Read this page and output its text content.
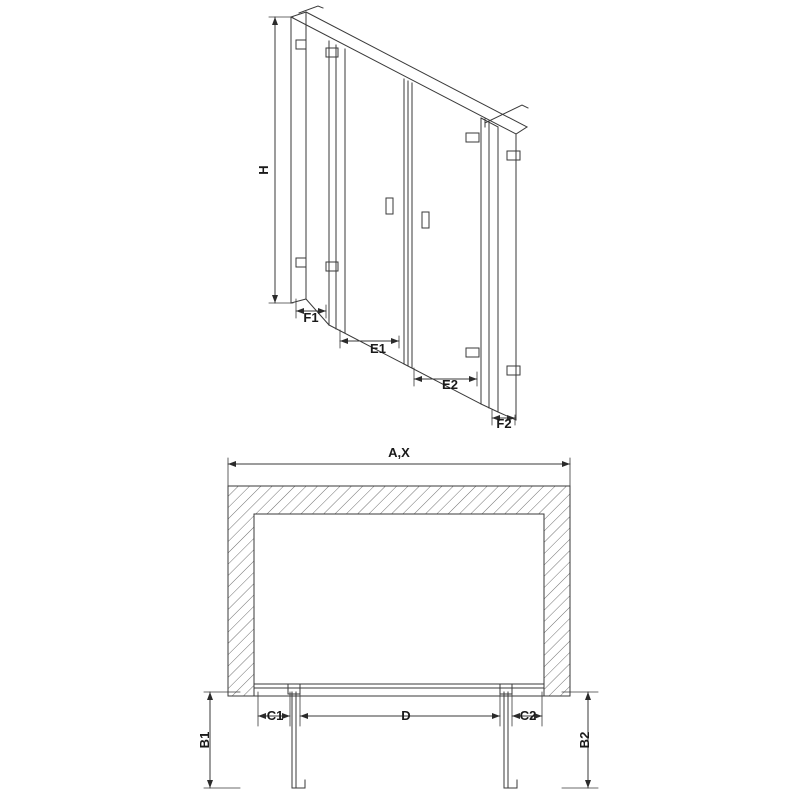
H
F1
E1
E2
F2
A,X
B1	B2
C1	D	C2
